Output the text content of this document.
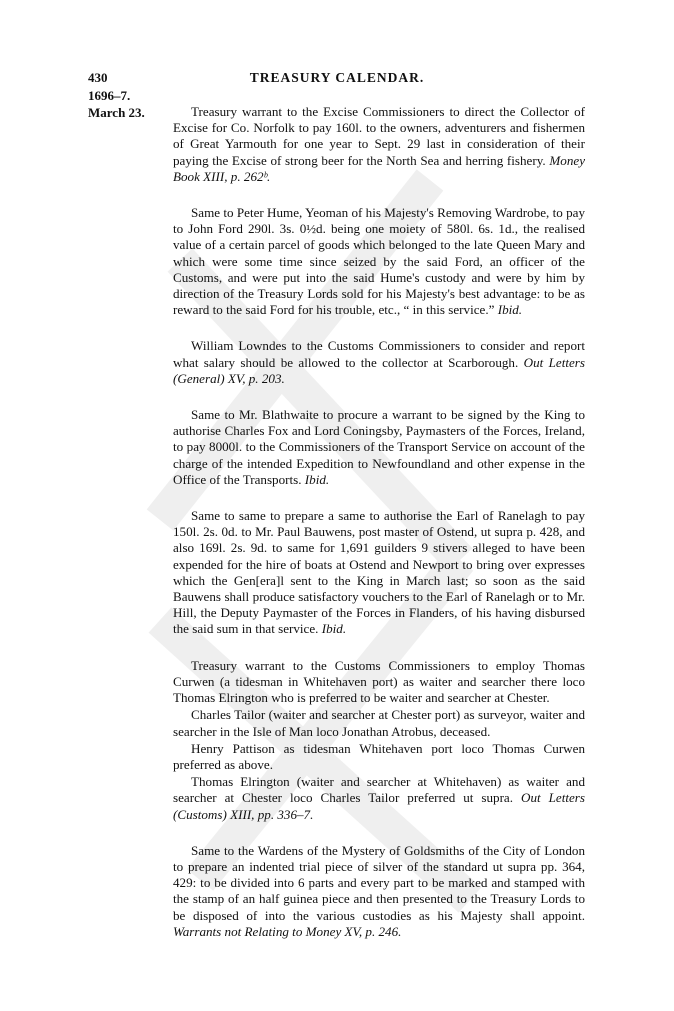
430	TREASURY CALENDAR.
1696–7.
March 23.	Treasury warrant to the Excise Commissioners to direct the Collector of Excise for Co. Norfolk to pay 160l. to the owners, adventurers and fishermen of Great Yarmouth for one year to Sept. 29 last in consideration of their paying the Excise of strong beer for the North Sea and herring fishery. Money Book XIII, p. 262ᵇ.

Same to Peter Hume, Yeoman of his Majesty's Removing Wardrobe, to pay to John Ford 290l. 3s. 0½d. being one moiety of 580l. 6s. 1d., the realised value of a certain parcel of goods which belonged to the late Queen Mary and which were some time since seized by the said Ford, an officer of the Customs, and were put into the said Hume's custody and were by him by direction of the Treasury Lords sold for his Majesty's best advantage: to be as reward to the said Ford for his trouble, etc., “ in this service.” Ibid.

William Lowndes to the Customs Commissioners to consider and report what salary should be allowed to the collector at Scarborough. Out Letters (General) XV, p. 203.

Same to Mr. Blathwaite to procure a warrant to be signed by the King to authorise Charles Fox and Lord Coningsby, Paymasters of the Forces, Ireland, to pay 8000l. to the Commissioners of the Transport Service on account of the charge of the intended Expedition to Newfoundland and other expense in the Office of the Transports. Ibid.

Same to same to prepare a same to authorise the Earl of Ranelagh to pay 150l. 2s. 0d. to Mr. Paul Bauwens, post master of Ostend, ut supra p. 428, and also 169l. 2s. 9d. to same for 1,691 guilders 9 stivers alleged to have been expended for the hire of boats at Ostend and Newport to bring over expresses which the Gen[era]l sent to the King in March last; so soon as the said Bauwens shall produce satisfactory vouchers to the Earl of Ranelagh or to Mr. Hill, the Deputy Paymaster of the Forces in Flanders, of his having disbursed the said sum in that service. Ibid.

Treasury warrant to the Customs Commissioners to employ Thomas Curwen (a tidesman in Whitehaven port) as waiter and searcher there loco Thomas Elrington who is preferred to be waiter and searcher at Chester.

Charles Tailor (waiter and searcher at Chester port) as surveyor, waiter and searcher in the Isle of Man loco Jonathan Atrobus, deceased.

Henry Pattison as tidesman Whitehaven port loco Thomas Curwen preferred as above.

Thomas Elrington (waiter and searcher at Whitehaven) as waiter and searcher at Chester loco Charles Tailor preferred ut supra. Out Letters (Customs) XIII, pp. 336–7.

Same to the Wardens of the Mystery of Goldsmiths of the City of London to prepare an indented trial piece of silver of the standard ut supra pp. 364, 429: to be divided into 6 parts and every part to be marked and stamped with the stamp of an half guinea piece and then presented to the Treasury Lords to be disposed of into the various custodies as his Majesty shall appoint. Warrants not Relating to Money XV, p. 246.
